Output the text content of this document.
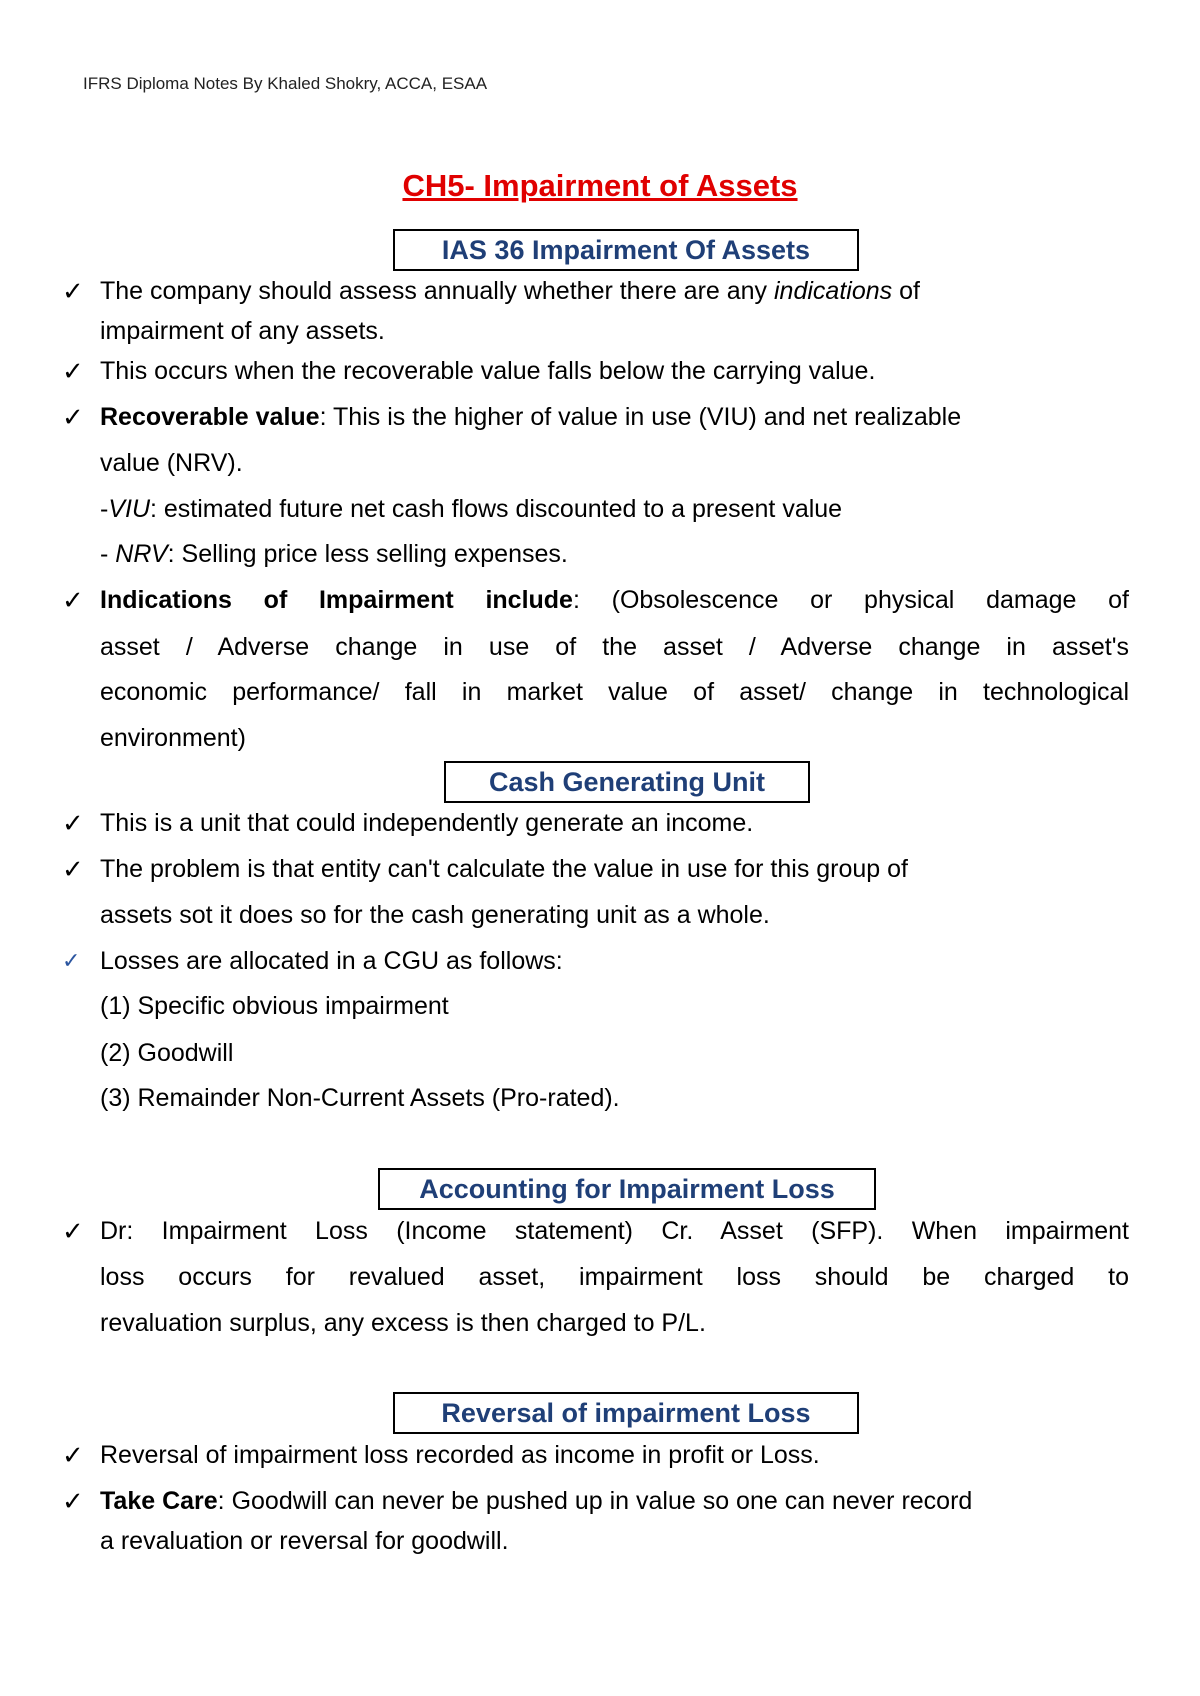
IFRS Diploma Notes By Khaled Shokry, ACCA, ESAA
CH5- Impairment of Assets
IAS 36 Impairment Of Assets
✓ The company should assess annually whether there are any indications of
impairment of any assets.
✓ This occurs when the recoverable value falls below the carrying value.
✓ Recoverable value: This is the higher of value in use (VIU) and net realizable
value (NRV).
-VIU: estimated future net cash flows discounted to a present value
- NRV: Selling price less selling expenses.
✓ Indications of Impairment include: (Obsolescence or physical damage of
asset / Adverse change in use of the asset / Adverse change in asset's
economic performance/ fall in market value of asset/ change in technological
environment)
Cash Generating Unit
✓ This is a unit that could independently generate an income.
✓ The problem is that entity can't calculate the value in use for this group of
assets sot it does so for the cash generating unit as a whole.
✓ Losses are allocated in a CGU as follows:
(1) Specific obvious impairment
(2) Goodwill
(3) Remainder Non-Current Assets (Pro-rated).
Accounting for Impairment Loss
✓ Dr: Impairment Loss (Income statement) Cr. Asset (SFP). When impairment
loss occurs for revalued asset, impairment loss should be charged to
revaluation surplus, any excess is then charged to P/L.
Reversal of impairment Loss
✓ Reversal of impairment loss recorded as income in profit or Loss.
✓ Take Care: Goodwill can never be pushed up in value so one can never record
a revaluation or reversal for goodwill.
